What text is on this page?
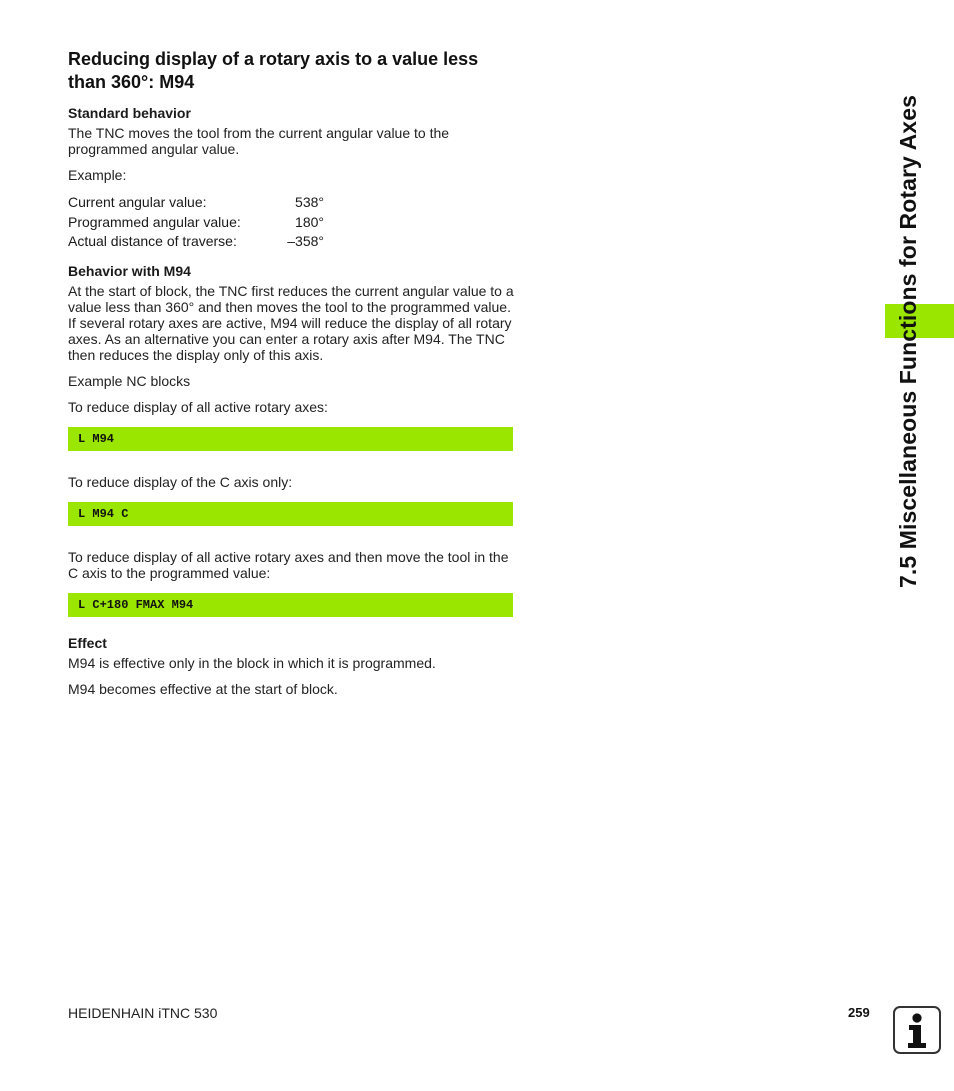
Reducing display of a rotary axis to a value less than 360°: M94
Standard behavior

The TNC moves the tool from the current angular value to the programmed angular value.

Example:

Current angular value:	538°
Programmed angular value:	180°
Actual distance of traverse:	–358°
Behavior with M94

At the start of block, the TNC first reduces the current angular value to a value less than 360° and then moves the tool to the programmed value. If several rotary axes are active, M94 will reduce the display of all rotary axes. As an alternative you can enter a rotary axis after M94. The TNC then reduces the display only of this axis.

Example NC blocks

To reduce display of all active rotary axes:

L M94

To reduce display of the C axis only:

L M94 C

To reduce display of all active rotary axes and then move the tool in the C axis to the programmed value:

L C+180 FMAX M94
Effect

M94 is effective only in the block in which it is programmed.

M94 becomes effective at the start of block.

7.5 Miscellaneous Functions for Rotary Axes
HEIDENHAIN iTNC 530	259
